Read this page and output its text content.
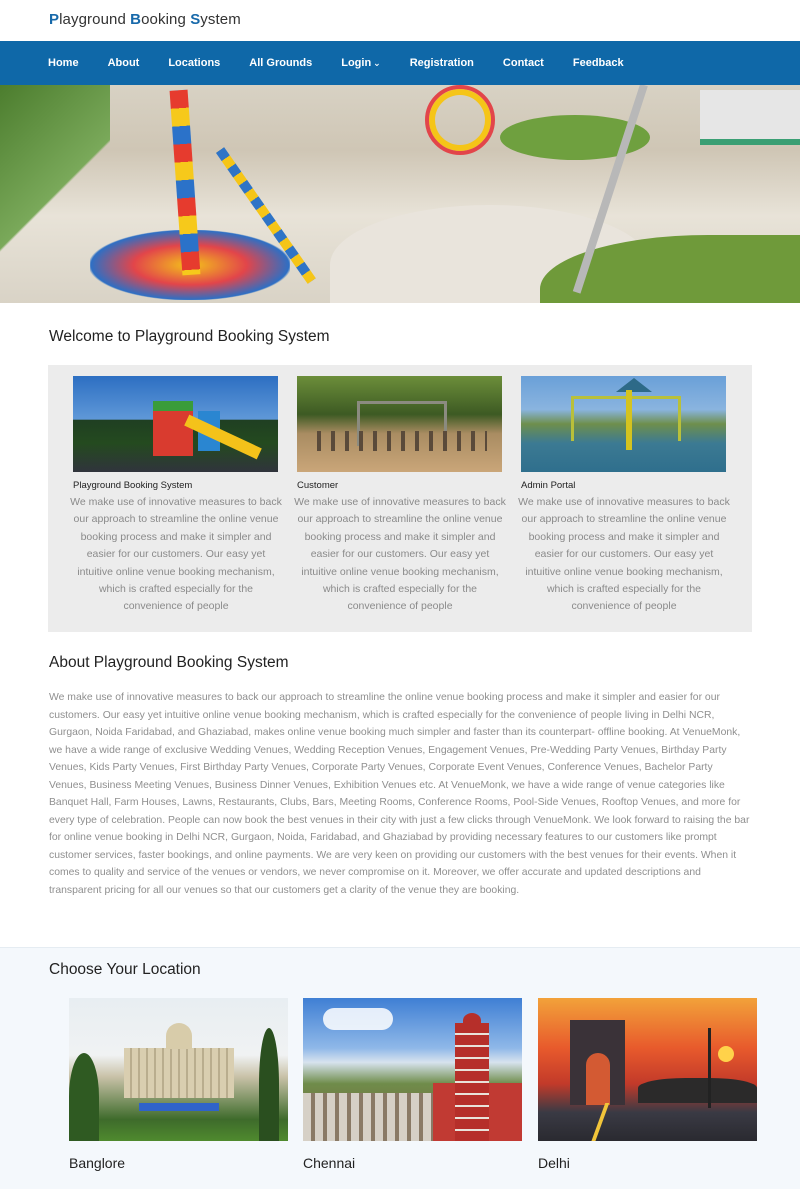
Playground Booking System
Home	About	Locations	All Grounds	Login ⌄	Registration	Contact	Feedback
Welcome to Playground Booking System
Playground Booking System
We make use of innovative measures to back our approach to streamline the online venue booking process and make it simpler and easier for our customers. Our easy yet intuitive online venue booking mechanism, which is crafted especially for the convenience of people
Customer
We make use of innovative measures to back our approach to streamline the online venue booking process and make it simpler and easier for our customers. Our easy yet intuitive online venue booking mechanism, which is crafted especially for the convenience of people
Admin Portal
We make use of innovative measures to back our approach to streamline the online venue booking process and make it simpler and easier for our customers. Our easy yet intuitive online venue booking mechanism, which is crafted especially for the convenience of people
About Playground Booking System

We make use of innovative measures to back our approach to streamline the online venue booking process and make it simpler and easier for our customers. Our easy yet intuitive online venue booking mechanism, which is crafted especially for the convenience of people living in Delhi NCR, Gurgaon, Noida Faridabad, and Ghaziabad, makes online venue booking much simpler and faster than its counterpart- offline booking. At VenueMonk, we have a wide range of exclusive Wedding Venues, Wedding Reception Venues, Engagement Venues, Pre-Wedding Party Venues, Birthday Party Venues, Kids Party Venues, First Birthday Party Venues, Corporate Party Venues, Corporate Event Venues, Conference Venues, Bachelor Party Venues, Business Meeting Venues, Business Dinner Venues, Exhibition Venues etc. At VenueMonk, we have a wide range of venue categories like Banquet Hall, Farm Houses, Lawns, Restaurants, Clubs, Bars, Meeting Rooms, Conference Rooms, Pool-Side Venues, Rooftop Venues, and more for every type of celebration. People can now book the best venues in their city with just a few clicks through VenueMonk. We look forward to raising the bar for online venue booking in Delhi NCR, Gurgaon, Noida, Faridabad, and Ghaziabad by providing necessary features to our customers like prompt customer services, faster bookings, and online payments. We are very keen on providing our customers with the best venues for their events. When it comes to quality and service of the venues or vendors, we never compromise on it. Moreover, we offer accurate and updated descriptions and transparent pricing for all our venues so that our customers get a clarity of the venue they are booking.

Choose Your Location
Banglore	Chennai	Delhi
